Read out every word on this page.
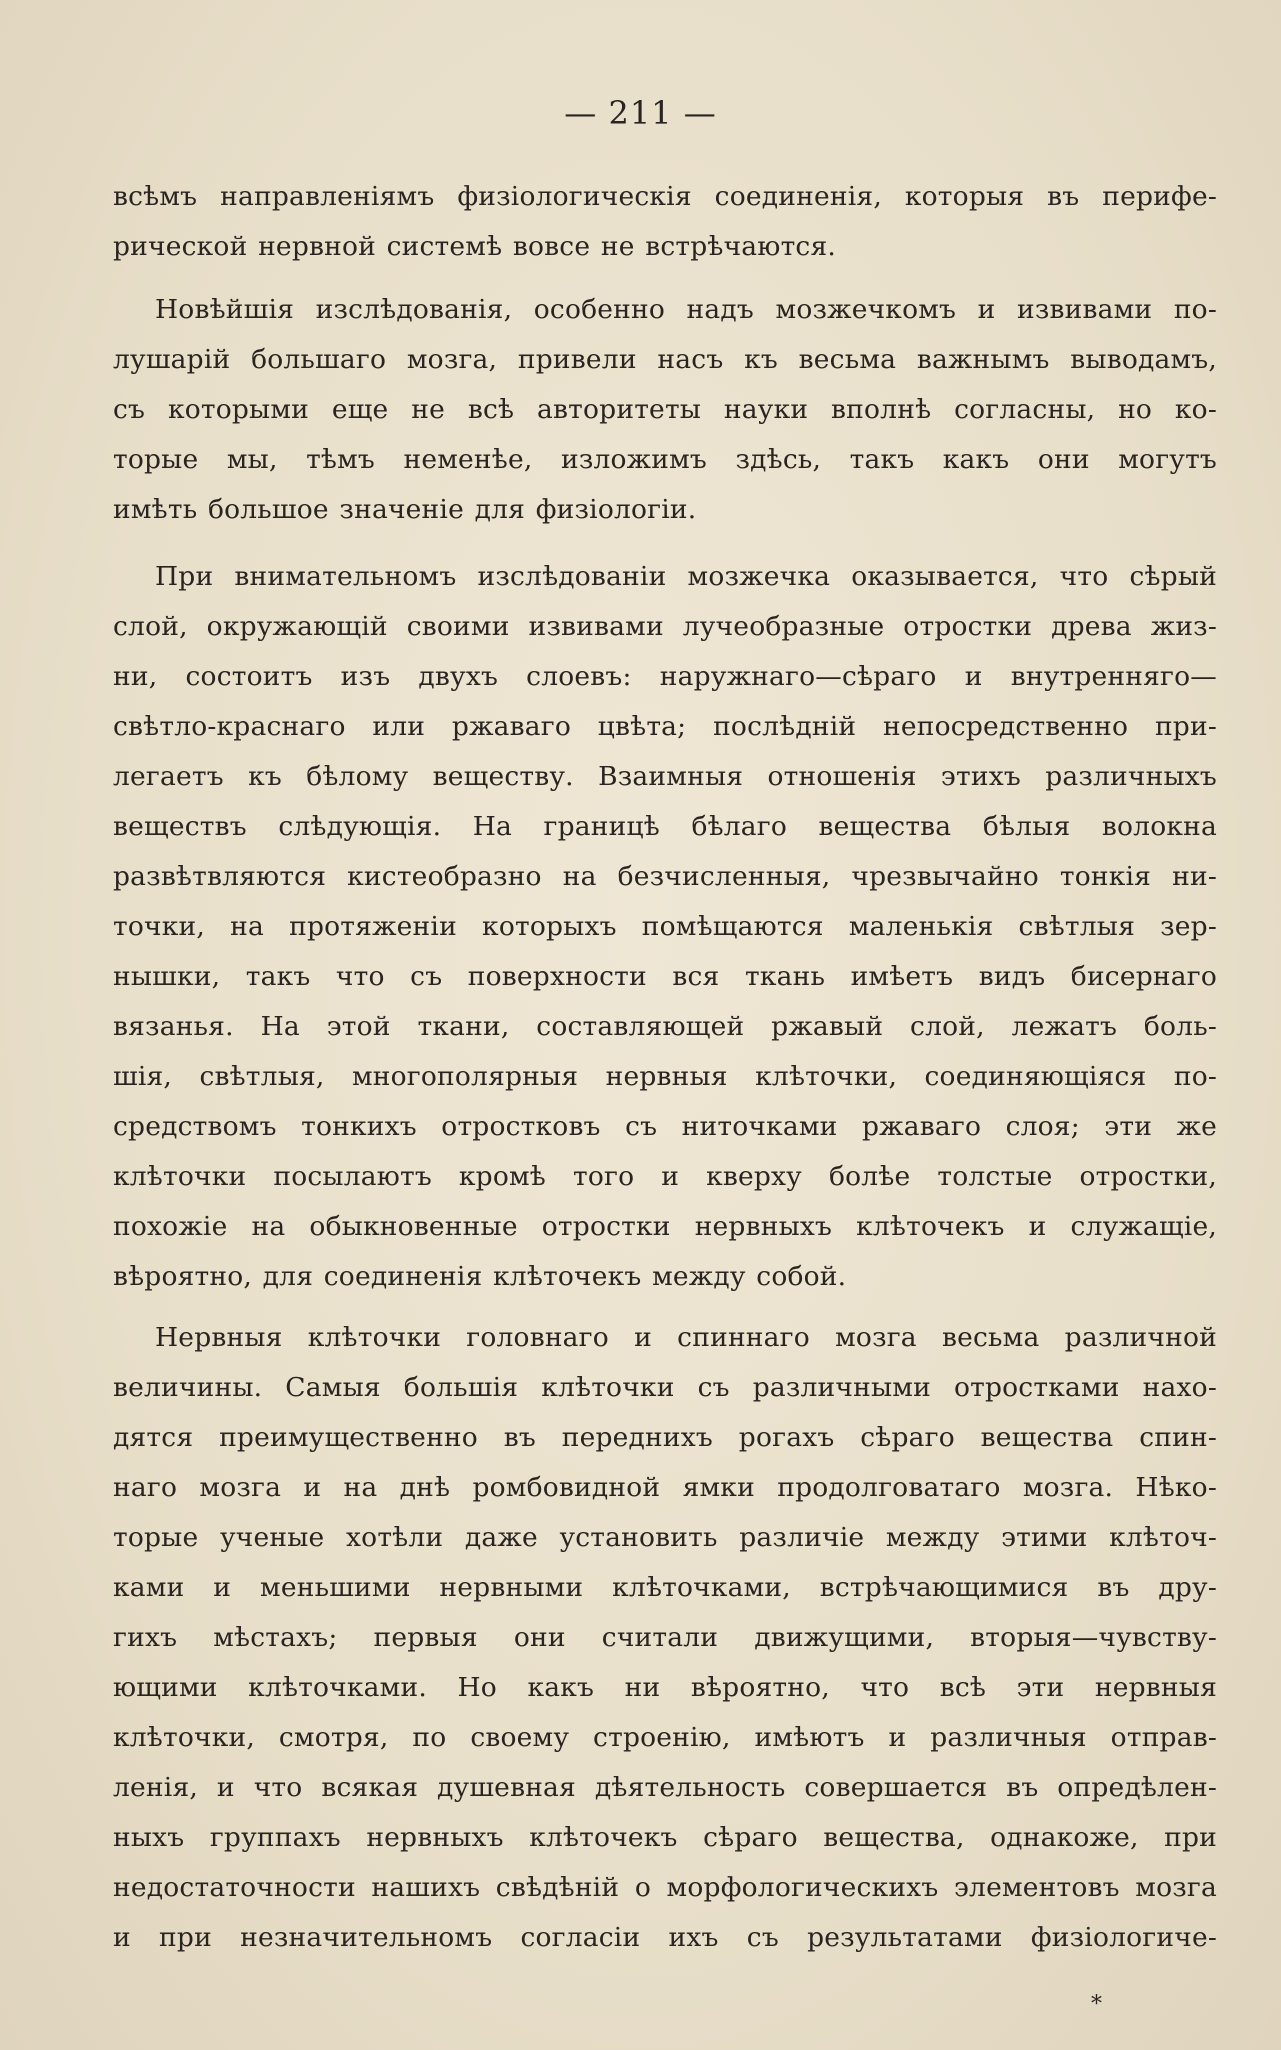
— 211 —
всѣмъ направленіямъ физіологическія соединенія, которыя въ перифе-
рической нервной системѣ вовсе не встрѣчаются.
Новѣйшія изслѣдованія, особенно надъ мозжечкомъ и извивами по-
лушарій большаго мозга, привели насъ къ весьма важнымъ выводамъ,
съ которыми еще не всѣ авторитеты науки вполнѣ согласны, но ко-
торые мы, тѣмъ неменѣе, изложимъ здѣсь, такъ какъ они могутъ
имѣть большое значеніе для физіологіи.
При внимательномъ изслѣдованіи мозжечка оказывается, что сѣрый
слой, окружающій своими извивами лучеобразные отростки древа жиз-
ни, состоитъ изъ двухъ слоевъ: наружнаго—сѣраго и внутренняго—
свѣтло-краснаго или ржаваго цвѣта; послѣдній непосредственно при-
легаетъ къ бѣлому веществу. Взаимныя отношенія этихъ различныхъ
веществъ слѣдующія. На границѣ бѣлаго вещества бѣлыя волокна
развѣтвляются кистеобразно на безчисленныя, чрезвычайно тонкія ни-
точки, на протяженіи которыхъ помѣщаются маленькія свѣтлыя зер-
нышки, такъ что съ поверхности вся ткань имѣетъ видъ бисернаго
вязанья. На этой ткани, составляющей ржавый слой, лежатъ боль-
шія, свѣтлыя, многополярныя нервныя клѣточки, соединяющіяся по-
средствомъ тонкихъ отростковъ съ ниточками ржаваго слоя; эти же
клѣточки посылаютъ кромѣ того и кверху болѣе толстые отростки,
похожіе на обыкновенные отростки нервныхъ клѣточекъ и служащіе,
вѣроятно, для соединенія клѣточекъ между собой.
Нервныя клѣточки головнаго и спиннаго мозга весьма различной
величины. Самыя большія клѣточки съ различными отростками нахо-
дятся преимущественно въ переднихъ рогахъ сѣраго вещества спин-
наго мозга и на днѣ ромбовидной ямки продолговатаго мозга. Нѣко-
торые ученые хотѣли даже установить различіе между этими клѣточ-
ками и меньшими нервными клѣточками, встрѣчающимися въ дру-
гихъ мѣстахъ; первыя они считали движущими, вторыя—чувству-
ющими клѣточками. Но какъ ни вѣроятно, что всѣ эти нервныя
клѣточки, смотря, по своему строенію, имѣютъ и различныя отправ-
ленія, и что всякая душевная дѣятельность совершается въ опредѣлен-
ныхъ группахъ нервныхъ клѣточекъ сѣраго вещества, однакоже, при
недостаточности нашихъ свѣдѣній о морфологическихъ элементовъ мозга
и при незначительномъ согласіи ихъ съ результатами физіологиче-
*
